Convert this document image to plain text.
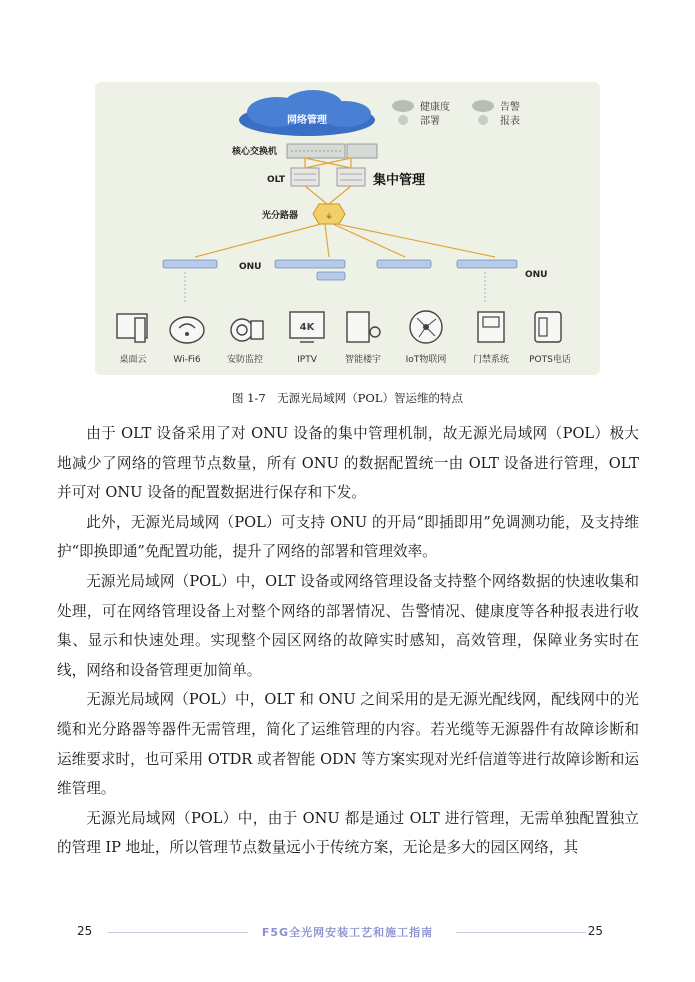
网络管理
健康度
部署
告警
报表
核心交换机
OLT	集中管理
光分路器	⚶
ONU
ONU
4K
桌面云	Wi-Fi6	安防监控	IPTV	智能楼宇	IoT物联网	门禁系统 POTS电话
图 1-7　无源光局域网（POL）智运维的特点

由于 OLT 设备采用了对 ONU 设备的集中管理机制，故无源光局域网（POL）极大地减少了网络的管理节点数量，所有 ONU 的数据配置统一由 OLT 设备进行管理，OLT 并可对 ONU 设备的配置数据进行保存和下发。

此外，无源光局域网（POL）可支持 ONU 的开局“即插即用”免调测功能，及支持维护“即换即通”免配置功能，提升了网络的部署和管理效率。

无源光局域网（POL）中，OLT 设备或网络管理设备支持整个网络数据的快速收集和处理，可在网络管理设备上对整个网络的部署情况、告警情况、健康度等各种报表进行收集、显示和快速处理。实现整个园区网络的故障实时感知，高效管理，保障业务实时在线，网络和设备管理更加简单。

无源光局域网（POL）中，OLT 和 ONU 之间采用的是无源光配线网，配线网中的光缆和光分路器等器件无需管理，简化了运维管理的内容。若光缆等无源器件有故障诊断和运维要求时，也可采用 OTDR 或者智能 ODN 等方案实现对光纤信道等进行故障诊断和运维管理。

无源光局域网（POL）中，由于 ONU 都是通过 OLT 进行管理，无需单独配置独立的管理 IP 地址，所以管理节点数量远小于传统方案，无论是多大的园区网络，其

25	F5G全光网安装工艺和施工指南	25
